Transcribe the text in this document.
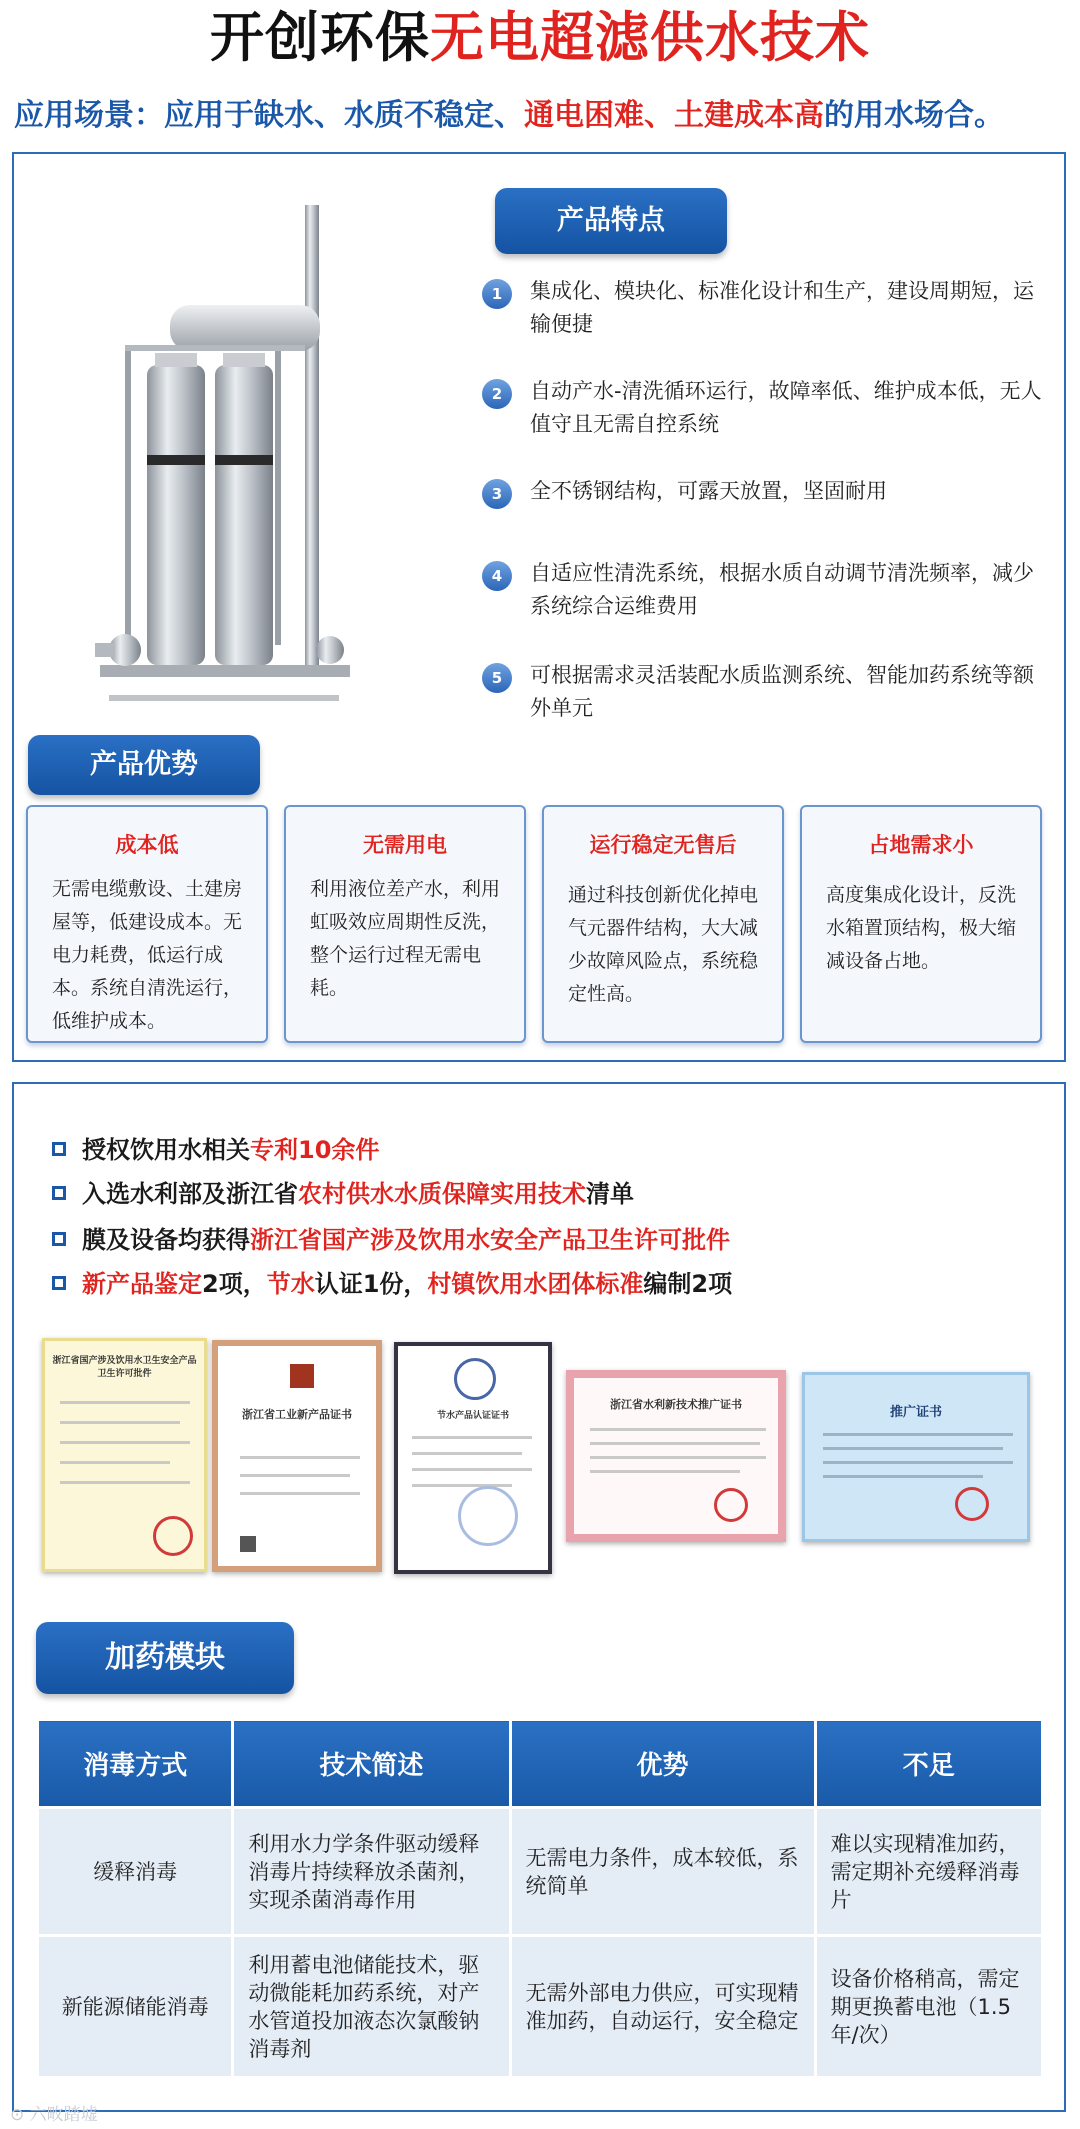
开创环保无电超滤供水技术
应用场景：应用于缺水、水质不稳定、通电困难、土建成本高的用水场合。
产品特点
1	集成化、模块化、标准化设计和生产，建设周期短，运输便捷
2	自动产水-清洗循环运行，故障率低、维护成本低，无人值守且无需自控系统
3	全不锈钢结构，可露天放置，坚固耐用
4	自适应性清洗系统，根据水质自动调节清洗频率，减少系统综合运维费用
5	可根据需求灵活装配水质监测系统、智能加药系统等额外单元
产品优势
成本低
无需电缆敷设、土建房屋等，低建设成本。无电力耗费，低运行成本。系统自清洗运行，低维护成本。
无需用电
利用液位差产水，利用虹吸效应周期性反洗，整个运行过程无需电耗。
运行稳定无售后
通过科技创新优化掉电气元器件结构，大大减少故障风险点，系统稳定性高。
占地需求小
高度集成化设计，反洗水箱置顶结构，极大缩减设备占地。
授权饮用水相关专利10余件
入选水利部及浙江省农村供水水质保障实用技术清单
膜及设备均获得浙江省国产涉及饮用水安全产品卫生许可批件
新产品鉴定2项，节水认证1份，村镇饮用水团体标准编制2项
浙江省国产涉及饮用水卫生安全产品卫生许可批件
浙江省工业新产品证书	节水产品认证证书
浙江省水利新技术推广证书
推广证书
加药模块
消毒方式	技术简述	优势	不足
缓释消毒	利用水力学条件驱动缓释消毒片持续释放杀菌剂，实现杀菌消毒作用	无需电力条件，成本较低，系统简单	难以实现精准加药，需定期补充缓释消毒片
新能源储能消毒	利用蓄电池储能技术，驱动微能耗加药系统，对产水管道投加液态次氯酸钠消毒剂	无需外部电力供应，可实现精准加药，自动运行，安全稳定	设备价格稍高，需定期更换蓄电池（1.5年/次）
⊙ 六畋踏墟
